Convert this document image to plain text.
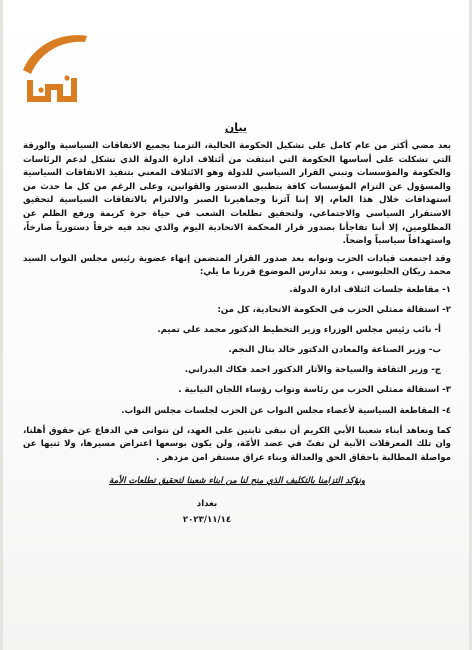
بيان

بعد مضي أكثر من عام كامل على تشكيل الحكومة الحالية، التزمنا بجميع الاتفاقات السياسية والورقة التي تشكلت على أساسها الحكومة التي انبثقت من أئتلاف ادارة الدولة الذي تشكل لدعم الرئاسات والحكومة والمؤسسات وتبني القرار السياسي للدولة وهو الائتلاف المعني بتنفيذ الاتفاقات السياسية والمسؤول عن التزام المؤسسات كافة بتطبيق الدستور والقوانين، وعلى الرغم من كل ما حدث من استهدافات خلال هذا العام، إلا إننا آثرنا وجماهيرنا الصبر والالتزام بالاتفاقات السياسية لتحقيق الاستقرار السياسي والاجتماعي، ولتحقيق تطلعات الشعب في حياة حرة كريمة ورفع الظلم عن المظلومين، إلا أننا تفاجأنا بصدور قرار المحكمة الاتحادية اليوم والذي نجد فيه خرقاً دستورياً صارخاً، واستهدافاً سياسياً واضحاً.

وقد اجتمعت قيادات الحزب ونوابه بعد صدور القرار المتضمن إنهاء عضوية رئيس مجلس النواب السيد محمد ريكان الحلبوسي ، وبعد تدارس الموضوع قررنا ما يلي:

١- مقاطعة جلسات ائتلاف ادارة الدولة.
٢- استقالة ممثلي الحزب في الحكومة الاتحادية، كل من:
أ- نائب رئيس مجلس الوزراء وزير التخطيط الدكتور محمد علي تميم.
ب- وزير الصناعة والمعادن الدكتور خالد بتال النجم.
ج- وزير الثقافة والسياحة والآثار الدكتور احمد فكاك البدراني.
٣- استقالة ممثلي الحزب من رئاسة ونواب رؤساء اللجان النيابية .
٤- المقاطعة السياسية لأعضاء مجلس النواب عن الحزب لجلسات مجلس النواب.

كما ونعاهد أبناء شعبنا الأبي الكريم أن نبقى ثابتين على العهد، لن نتوانى في الدفاع عن حقوق أهلنا، وان تلك المعرقلات الآنية لن تفتّ في عضد الأمّة، ولن يكون بوسعها اعتراض مسيرها، ولا ثنيها عن مواصلة المطالبة باحقاق الحق والعدالة وبناء عراق مستقر امن مزدهر .

ونؤكد التزامنا بالتكليف الذي منح لنا من ابناء شعبنا لتحقيق تطلعات الأمة
بغداد
٢٠٢٣/١١/١٤
